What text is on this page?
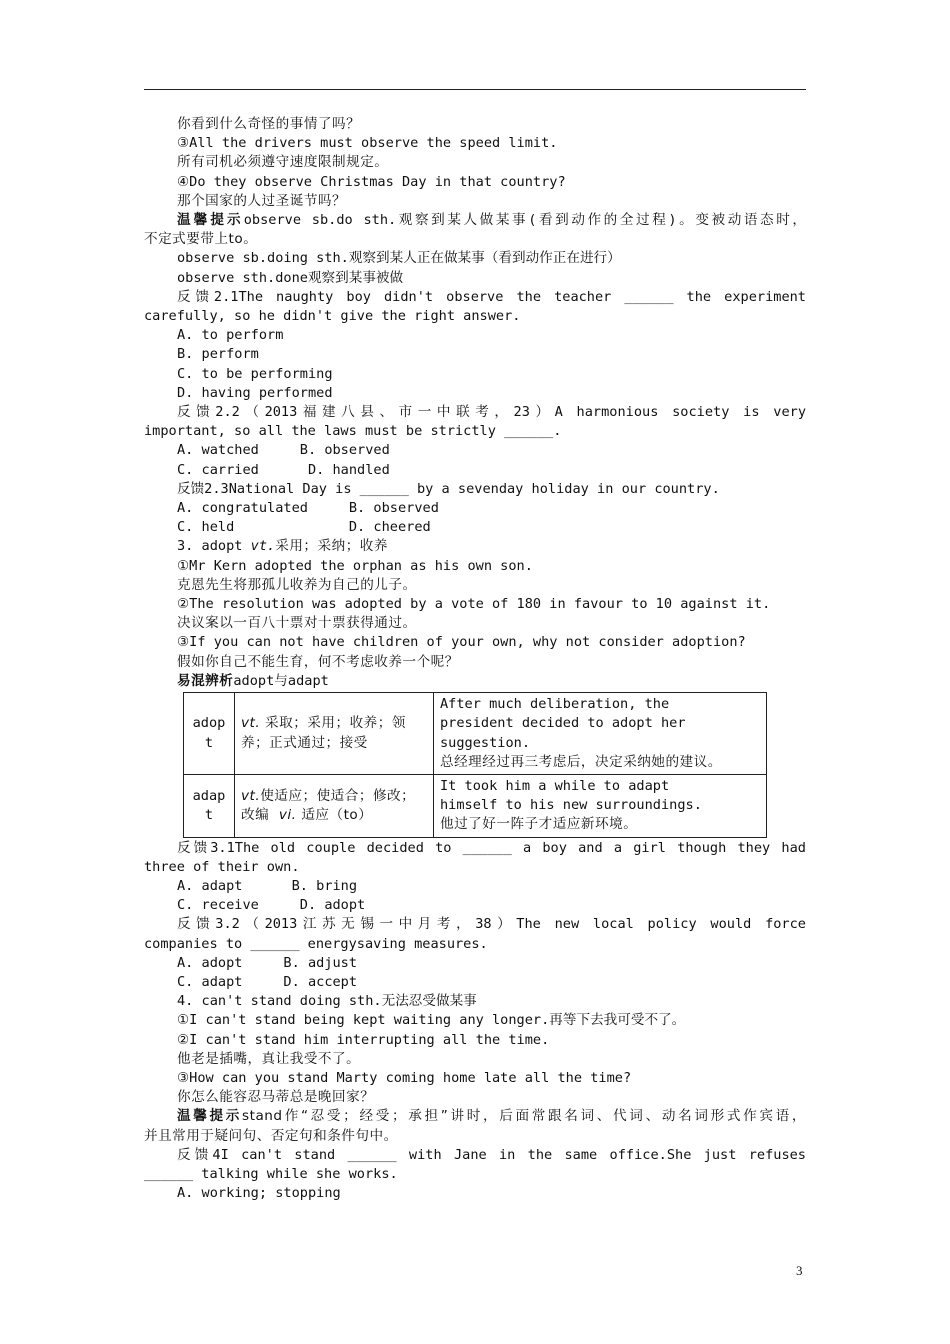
你看到什么奇怪的事情了吗？
③All the drivers must observe the speed limit.
所有司机必须遵守速度限制规定。
④Do they observe Christmas Day in that country?
那个国家的人过圣诞节吗？
温馨提示observe sb.do sth.观察到某人做某事(看到动作的全过程)。变被动语态时，
不定式要带上to。
observe sb.doing sth.观察到某人正在做某事（看到动作正在进行）
observe sth.done观察到某事被做
反馈2.1The naughty boy didn't observe the teacher ______ the experiment
carefully, so he didn't give the right answer.
A. to perform
B. perform
C. to be performing
D. having performed
反馈2.2（2013福建八县、市一中联考，23）A harmonious society is very
important, so all the laws must be strictly ______.
A. watched     B. observed
C. carried      D. handled
反馈2.3National Day is ______ by a sevenday holiday in our country.
A. congratulated     B. observed
C. held              D. cheered
3. adopt vt.采用；采纳；收养
①Mr Kern adopted the orphan as his own son.
克恩先生将那孤儿收养为自己的儿子。
②The resolution was adopted by a vote of 180 in favour to 10 against it.
决议案以一百八十票对十票获得通过。
③If you can not have children of your own, why not consider adoption?
假如你自己不能生育，何不考虑收养一个呢？
易混辨析adopt与adapt
adopt	vt. 采取；采用；收养；领养；正式通过；接受	After much deliberation, the
president decided to adopt her
suggestion.
总经理经过再三考虑后，决定采纳她的建议。

adapt	vt.使适应；使适合；修改；改编 vi. 适应（to）	It took him a while to adapt
himself to his new surroundings.
他过了好一阵子才适应新环境。
反馈3.1The old couple decided to ______ a boy and a girl though they had
three of their own.
A. adapt      B. bring
C. receive     D. adopt
反馈3.2（2013江苏无锡一中月考，38）The new local policy would force
companies to ______ energysaving measures.
A. adopt     B. adjust
C. adapt     D. accept
4. can't stand doing sth.无法忍受做某事
①I can't stand being kept waiting any longer.再等下去我可受不了。
②I can't stand him interrupting all the time.
他老是插嘴，真让我受不了。
③How can you stand Marty coming home late all the time?
你怎么能容忍马蒂总是晚回家？
温馨提示stand作“忍受；经受；承担”讲时，后面常跟名词、代词、动名词形式作宾语，
并且常用于疑问句、否定句和条件句中。
反馈4I can't stand ______ with Jane in the same office.She just refuses
______ talking while she works.
A. working; stopping
3
